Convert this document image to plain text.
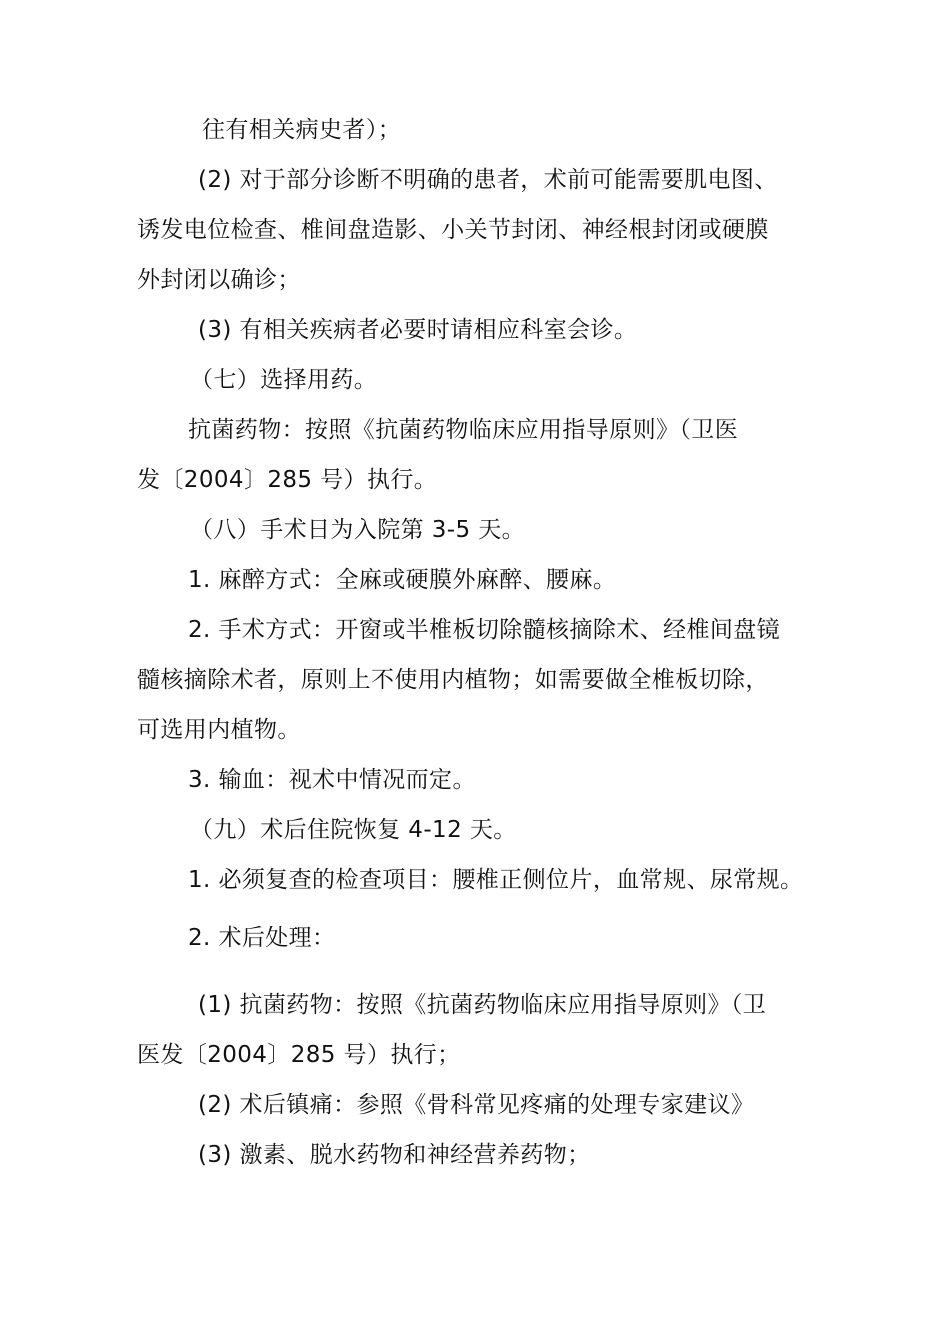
往有相关病史者）；
(2) 对于部分诊断不明确的患者，术前可能需要肌电图、
诱发电位检查、椎间盘造影、小关节封闭、神经根封闭或硬膜
外封闭以确诊；
(3) 有相关疾病者必要时请相应科室会诊。
（七）选择用药。
抗菌药物：按照《抗菌药物临床应用指导原则》（卫医
发〔2004〕285 号）执行。
（八）手术日为入院第 3-5 天。
1. 麻醉方式：全麻或硬膜外麻醉、腰麻。
2. 手术方式：开窗或半椎板切除髓核摘除术、经椎间盘镜
髓核摘除术者，原则上不使用内植物；如需要做全椎板切除，
可选用内植物。
3. 输血：视术中情况而定。
（九）术后住院恢复 4-12 天。
1. 必须复查的检查项目：腰椎正侧位片，血常规、尿常规。
2. 术后处理：
(1) 抗菌药物：按照《抗菌药物临床应用指导原则》（卫
医发〔2004〕285 号）执行；
(2) 术后镇痛：参照《骨科常见疼痛的处理专家建议》
(3) 激素、脱水药物和神经营养药物；
